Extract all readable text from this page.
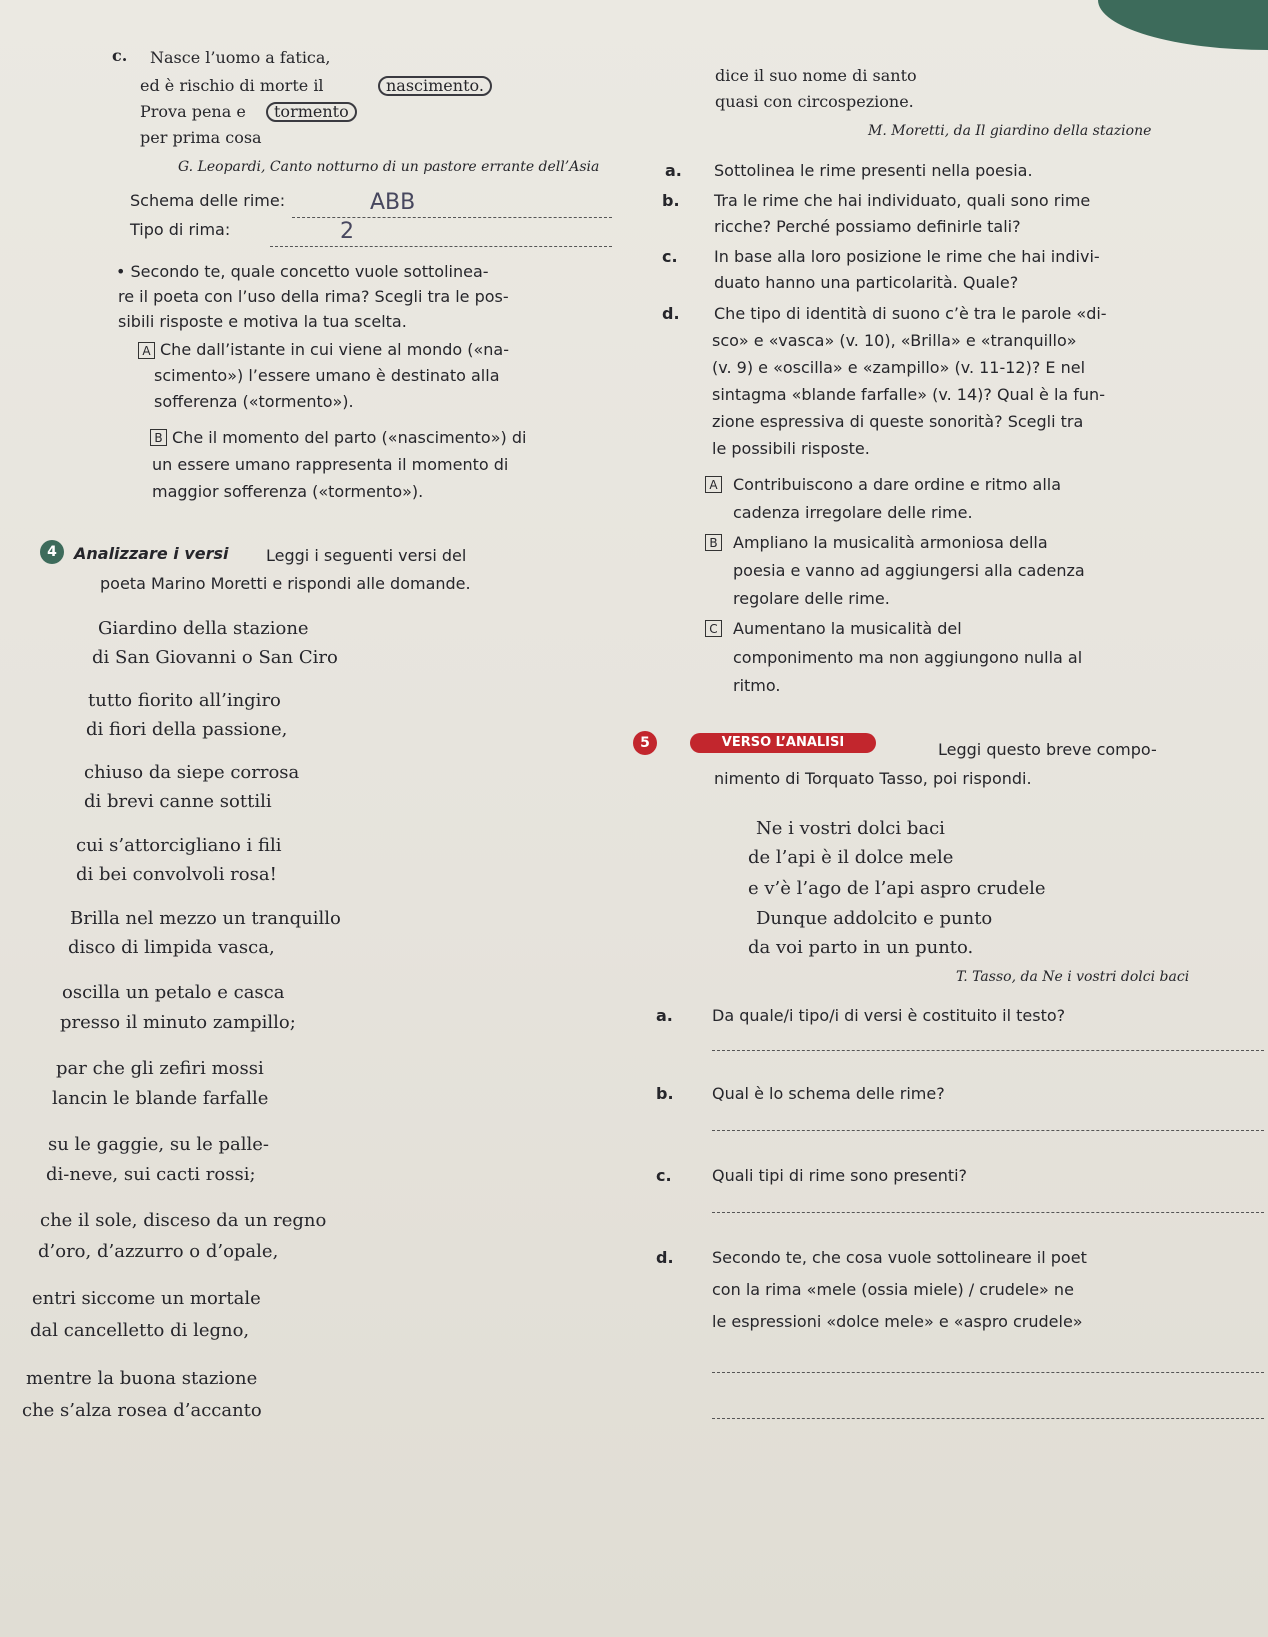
c. Nasce l’uomo a fatica,
ed è rischio di morte il	nascimento.
Prova pena e	tormento
per prima cosa
G. Leopardi, Canto notturno di un pastore errante dell’Asia
Schema delle rime:	ABB
Tipo di rima:	2
• Secondo te, quale concetto vuole sottolinea-
re il poeta con l’uso della rima? Scegli tra le pos-
sibili risposte e motiva la tua scelta.
A Che dall’istante in cui viene al mondo («na-
scimento») l’essere umano è destinato alla
sofferenza («tormento»).
B Che il momento del parto («nascimento») di
un essere umano rappresenta il momento di
maggior sofferenza («tormento»).
4	Analizzare i versi Leggi i seguenti versi del
poeta Marino Moretti e rispondi alle domande.
Giardino della stazione
di San Giovanni o San Ciro
tutto fiorito all’ingiro
di fiori della passione,
chiuso da siepe corrosa
di brevi canne sottili
cui s’attorcigliano i fili
di bei convolvoli rosa!
Brilla nel mezzo un tranquillo
disco di limpida vasca,
oscilla un petalo e casca
presso il minuto zampillo;
par che gli zefiri mossi
lancin le blande farfalle
su le gaggie, su le palle-
di-neve, sui cacti rossi;
che il sole, disceso da un regno
d’oro, d’azzurro o d’opale,
entri siccome un mortale
dal cancelletto di legno,
mentre la buona stazione
che s’alza rosea d’accanto
dice il suo nome di santo
quasi con circospezione.
M. Moretti, da Il giardino della stazione
a. Sottolinea le rime presenti nella poesia.
b. Tra le rime che hai individuato, quali sono rime
ricche? Perché possiamo definirle tali?
c. In base alla loro posizione le rime che hai indivi-
duato hanno una particolarità. Quale?
d. Che tipo di identità di suono c’è tra le parole «di-
sco» e «vasca» (v. 10), «Brilla» e «tranquillo»
(v. 9) e «oscilla» e «zampillo» (v. 11-12)? E nel
sintagma «blande farfalle» (v. 14)? Qual è la fun-
zione espressiva di queste sonorità? Scegli tra
le possibili risposte.
A Contribuiscono a dare ordine e ritmo alla
cadenza irregolare delle rime.
B Ampliano la musicalità armoniosa della
poesia e vanno ad aggiungersi alla cadenza
regolare delle rime.
C Aumentano la musicalità del
componimento ma non aggiungono nulla al
ritmo.
5	VERSO L’ANALISI	Leggi questo breve compo-
nimento di Torquato Tasso, poi rispondi.
Ne i vostri dolci baci
de l’api è il dolce mele
e v’è l’ago de l’api aspro crudele
Dunque addolcito e punto
da voi parto in un punto.
T. Tasso, da Ne i vostri dolci baci
a. Da quale/i tipo/i di versi è costituito il testo?
b. Qual è lo schema delle rime?
c.	Quali tipi di rime sono presenti?
d. Secondo te, che cosa vuole sottolineare il poet
con la rima «mele (ossia miele) / crudele» ne
le espressioni «dolce mele» e «aspro crudele»
